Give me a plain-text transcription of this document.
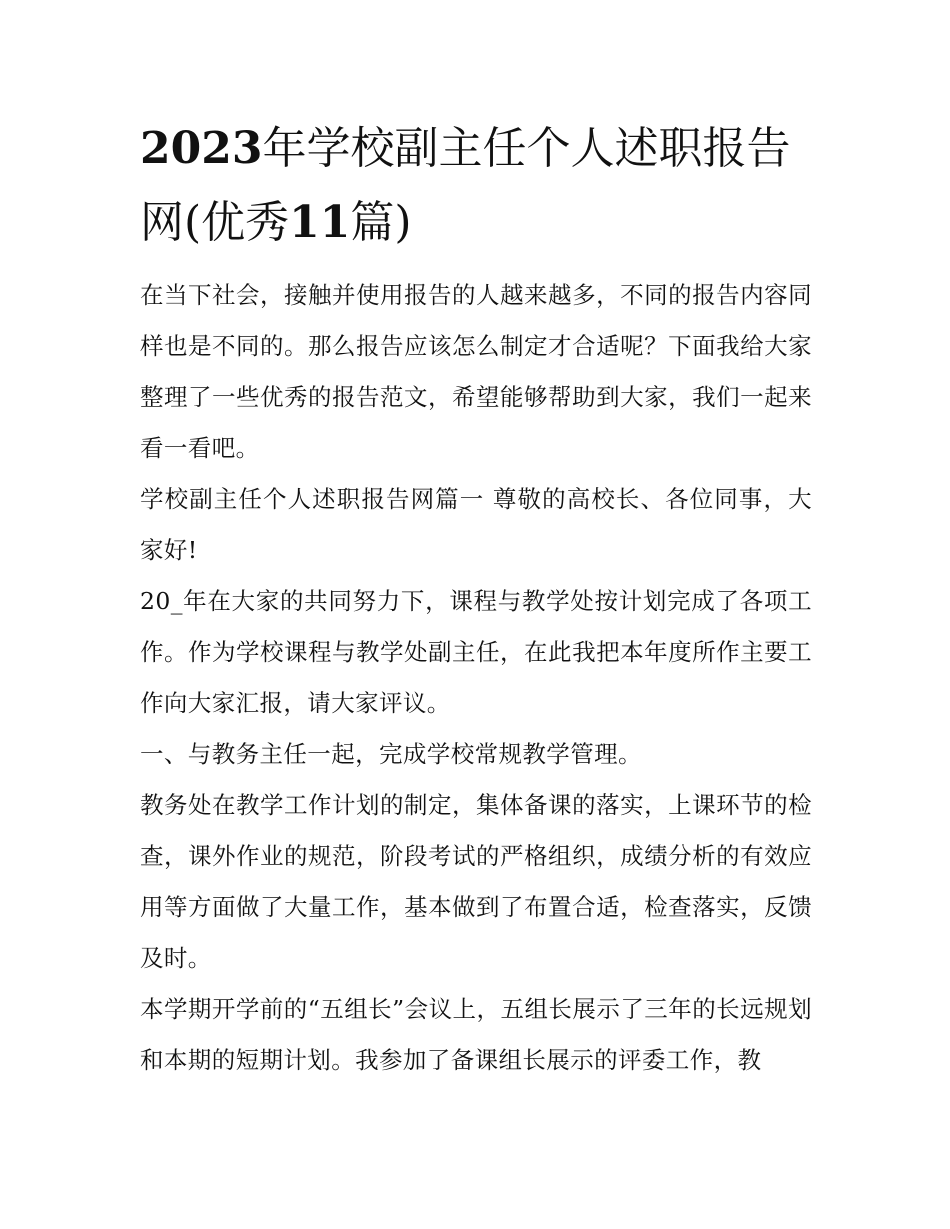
2023年学校副主任个人述职报告网(优秀11篇)

在当下社会，接触并使用报告的人越来越多，不同的报告内容同样也是不同的。那么报告应该怎么制定才合适呢？下面我给大家整理了一些优秀的报告范文，希望能够帮助到大家，我们一起来看一看吧。

学校副主任个人述职报告网篇一 尊敬的高校长、各位同事，大家好!

20_年在大家的共同努力下，课程与教学处按计划完成了各项工作。作为学校课程与教学处副主任，在此我把本年度所作主要工作向大家汇报，请大家评议。

一、与教务主任一起，完成学校常规教学管理。

教务处在教学工作计划的制定，集体备课的落实，上课环节的检查，课外作业的规范，阶段考试的严格组织，成绩分析的有效应用等方面做了大量工作，基本做到了布置合适，检查落实，反馈及时。

本学期开学前的“五组长”会议上，五组长展示了三年的长远规划和本期的短期计划。我参加了备课组长展示的评委工作，教
